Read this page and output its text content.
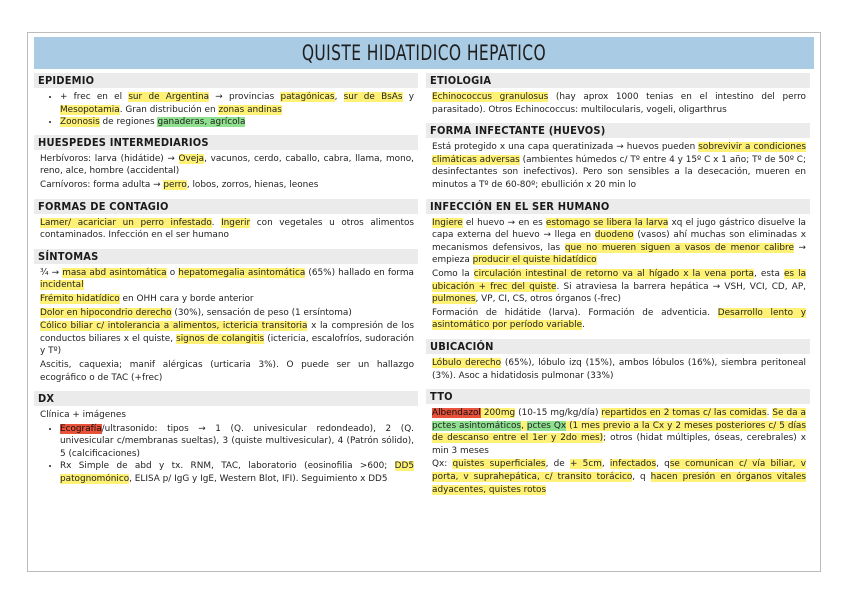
QUISTE HIDATIDICO HEPATICO
EPIDEMIO
• + frec en el sur de Argentina → provincias patagónicas, sur de BsAs y Mesopotamia. Gran distribución en zonas andinas
• Zoonosis de regiones ganaderas, agrícola
HUESPEDES INTERMEDIARIOS

Herbívoros: larva (hidátide) → Oveja, vacunos, cerdo, caballo, cabra, llama, mono, reno, alce, hombre (accidental)

Carnívoros: forma adulta → perro, lobos, zorros, hienas, leones

FORMAS DE CONTAGIO

Lamer/ acariciar un perro infestado. Ingerir con vegetales u otros alimentos contaminados. Infección en el ser humano

SÍNTOMAS

¾ → masa abd asintomática o hepatomegalia asintomática (65%) hallado en forma incidental

Frémito hidatídico en OHH cara y borde anterior

Dolor en hipocondrio derecho (30%), sensación de peso (1 ersíntoma)

Cólico biliar c/ intolerancia a alimentos, ictericia transitoria x la compresión de los conductos biliares x el quiste, signos de colangitis (ictericia, escalofríos, sudoración y Tº)

Ascitis, caquexia; manif alérgicas (urticaria 3%). O puede ser un hallazgo ecográfico o de TAC (+frec)

DX

Clínica + imágenes

• Ecografía/ultrasonido: tipos → 1 (Q. univesicular redondeado), 2 (Q. univesicular c/membranas sueltas), 3 (quiste multivesicular), 4 (Patrón sólido), 5 (calcificaciones)
• Rx Simple de abd y tx. RNM, TAC, laboratorio (eosinofilia >600; DD5 patognomónico, ELISA p/ IgG y IgE, Western Blot, IFI). Seguimiento x DD5
ETIOLOGIA

Echinococcus granulosus (hay aprox 1000 tenias en el intestino del perro parasitado). Otros Echinococcus: multilocularis, vogeli, oligarthrus

FORMA INFECTANTE (HUEVOS)

Está protegido x una capa queratinizada → huevos pueden sobrevivir a condiciones climáticas adversas (ambientes húmedos c/ Tº entre 4 y 15º C x 1 año; Tº de 50º C; desinfectantes son inefectivos). Pero son sensibles a la desecación, mueren en minutos a Tº de 60-80º; ebullición x 20 min lo

INFECCIÓN EN EL SER HUMANO

Ingiere el huevo → en es estomago se libera la larva xq el jugo gástrico disuelve la capa externa del huevo → llega en duodeno (vasos) ahí muchas son eliminadas x mecanismos defensivos, las que no mueren siguen a vasos de menor calibre → empieza producir el quiste hidatídico

Como la circulación intestinal de retorno va al hígado x la vena porta, esta es la ubicación + frec del quiste. Si atraviesa la barrera hepática → VSH, VCI, CD, AP, pulmones, VP, CI, CS, otros órganos (-frec)

Formación de hidátide (larva). Formación de adventicia. Desarrollo lento y asintomático por período variable.

UBICACIÓN

Lóbulo derecho (65%), lóbulo izq (15%), ambos lóbulos (16%), siembra peritoneal (3%). Asoc a hidatidosis pulmonar (33%)

TTO

Albendazol 200mg (10-15 mg/kg/día) repartidos en 2 tomas c/ las comidas. Se da a pctes asintomáticos, pctes Qx (1 mes previo a la Cx y 2 meses posteriores c/ 5 días de descanso entre el 1er y 2do mes); otros (hidat múltiples, óseas, cerebrales) x min 3 meses

Qx: quistes superficiales, de + 5cm, infectados, qse comunican c/ vía biliar, v porta, v suprahepática, c/ transito torácico, q hacen presión en órganos vitales adyacentes, quistes rotos
